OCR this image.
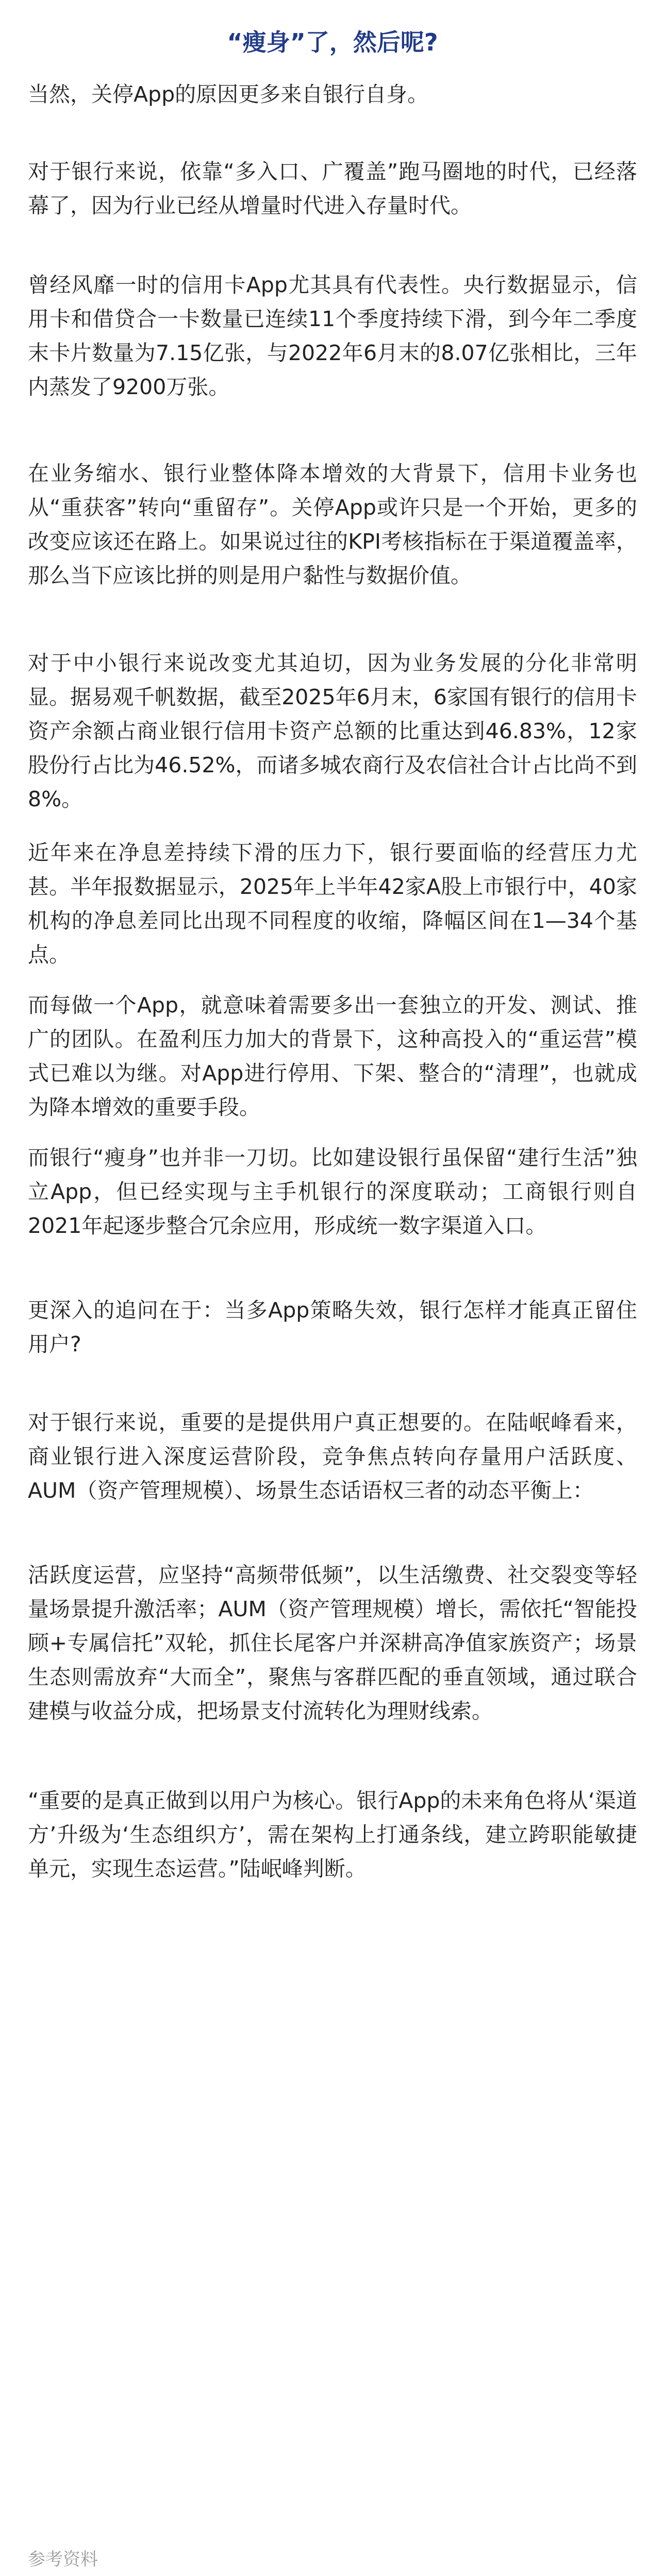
“瘦身”了，然后呢?

当然，关停App的原因更多来自银行自身。

对于银行来说，依靠“多入口、广覆盖”跑马圈地的时代，已经落幕了，因为行业已经从增量时代进入存量时代。

曾经风靡一时的信用卡App尤其具有代表性。央行数据显示，信用卡和借贷合一卡数量已连续11个季度持续下滑，到今年二季度末卡片数量为7.15亿张，与2022年6月末的8.07亿张相比，三年内蒸发了9200万张。

在业务缩水、银行业整体降本增效的大背景下，信用卡业务也从“重获客”转向“重留存”。关停App或许只是一个开始，更多的改变应该还在路上。如果说过往的KPI考核指标在于渠道覆盖率，那么当下应该比拼的则是用户黏性与数据价值。

对于中小银行来说改变尤其迫切，因为业务发展的分化非常明显。据易观千帆数据，截至2025年6月末，6家国有银行的信用卡资产余额占商业银行信用卡资产总额的比重达到46.83%，12家股份行占比为46.52%，而诸多城农商行及农信社合计占比尚不到8%。

近年来在净息差持续下滑的压力下，银行要面临的经营压力尤甚。半年报数据显示，2025年上半年42家A股上市银行中，40家机构的净息差同比出现不同程度的收缩，降幅区间在1—34个基点。

而每做一个App，就意味着需要多出一套独立的开发、测试、推广的团队。在盈利压力加大的背景下，这种高投入的“重运营”模式已难以为继。对App进行停用、下架、整合的“清理”，也就成为降本增效的重要手段。

而银行“瘦身”也并非一刀切。比如建设银行虽保留“建行生活”独立App，但已经实现与主手机银行的深度联动；工商银行则自2021年起逐步整合冗余应用，形成统一数字渠道入口。

更深入的追问在于：当多App策略失效，银行怎样才能真正留住用户?

对于银行来说，重要的是提供用户真正想要的。在陆岷峰看来，商业银行进入深度运营阶段，竞争焦点转向存量用户活跃度、AUM（资产管理规模）、场景生态话语权三者的动态平衡上：

活跃度运营，应坚持“高频带低频”，以生活缴费、社交裂变等轻量场景提升激活率；AUM（资产管理规模）增长，需依托“智能投顾+专属信托”双轮，抓住长尾客户并深耕高净值家族资产；场景生态则需放弃“大而全”，聚焦与客群匹配的垂直领域，通过联合建模与收益分成，把场景支付流转化为理财线索。

“重要的是真正做到以用户为核心。银行App的未来角色将从‘渠道方’升级为‘生态组织方’，需在架构上打通条线，建立跨职能敏捷单元，实现生态运营。”陆岷峰判断。

参考资料
